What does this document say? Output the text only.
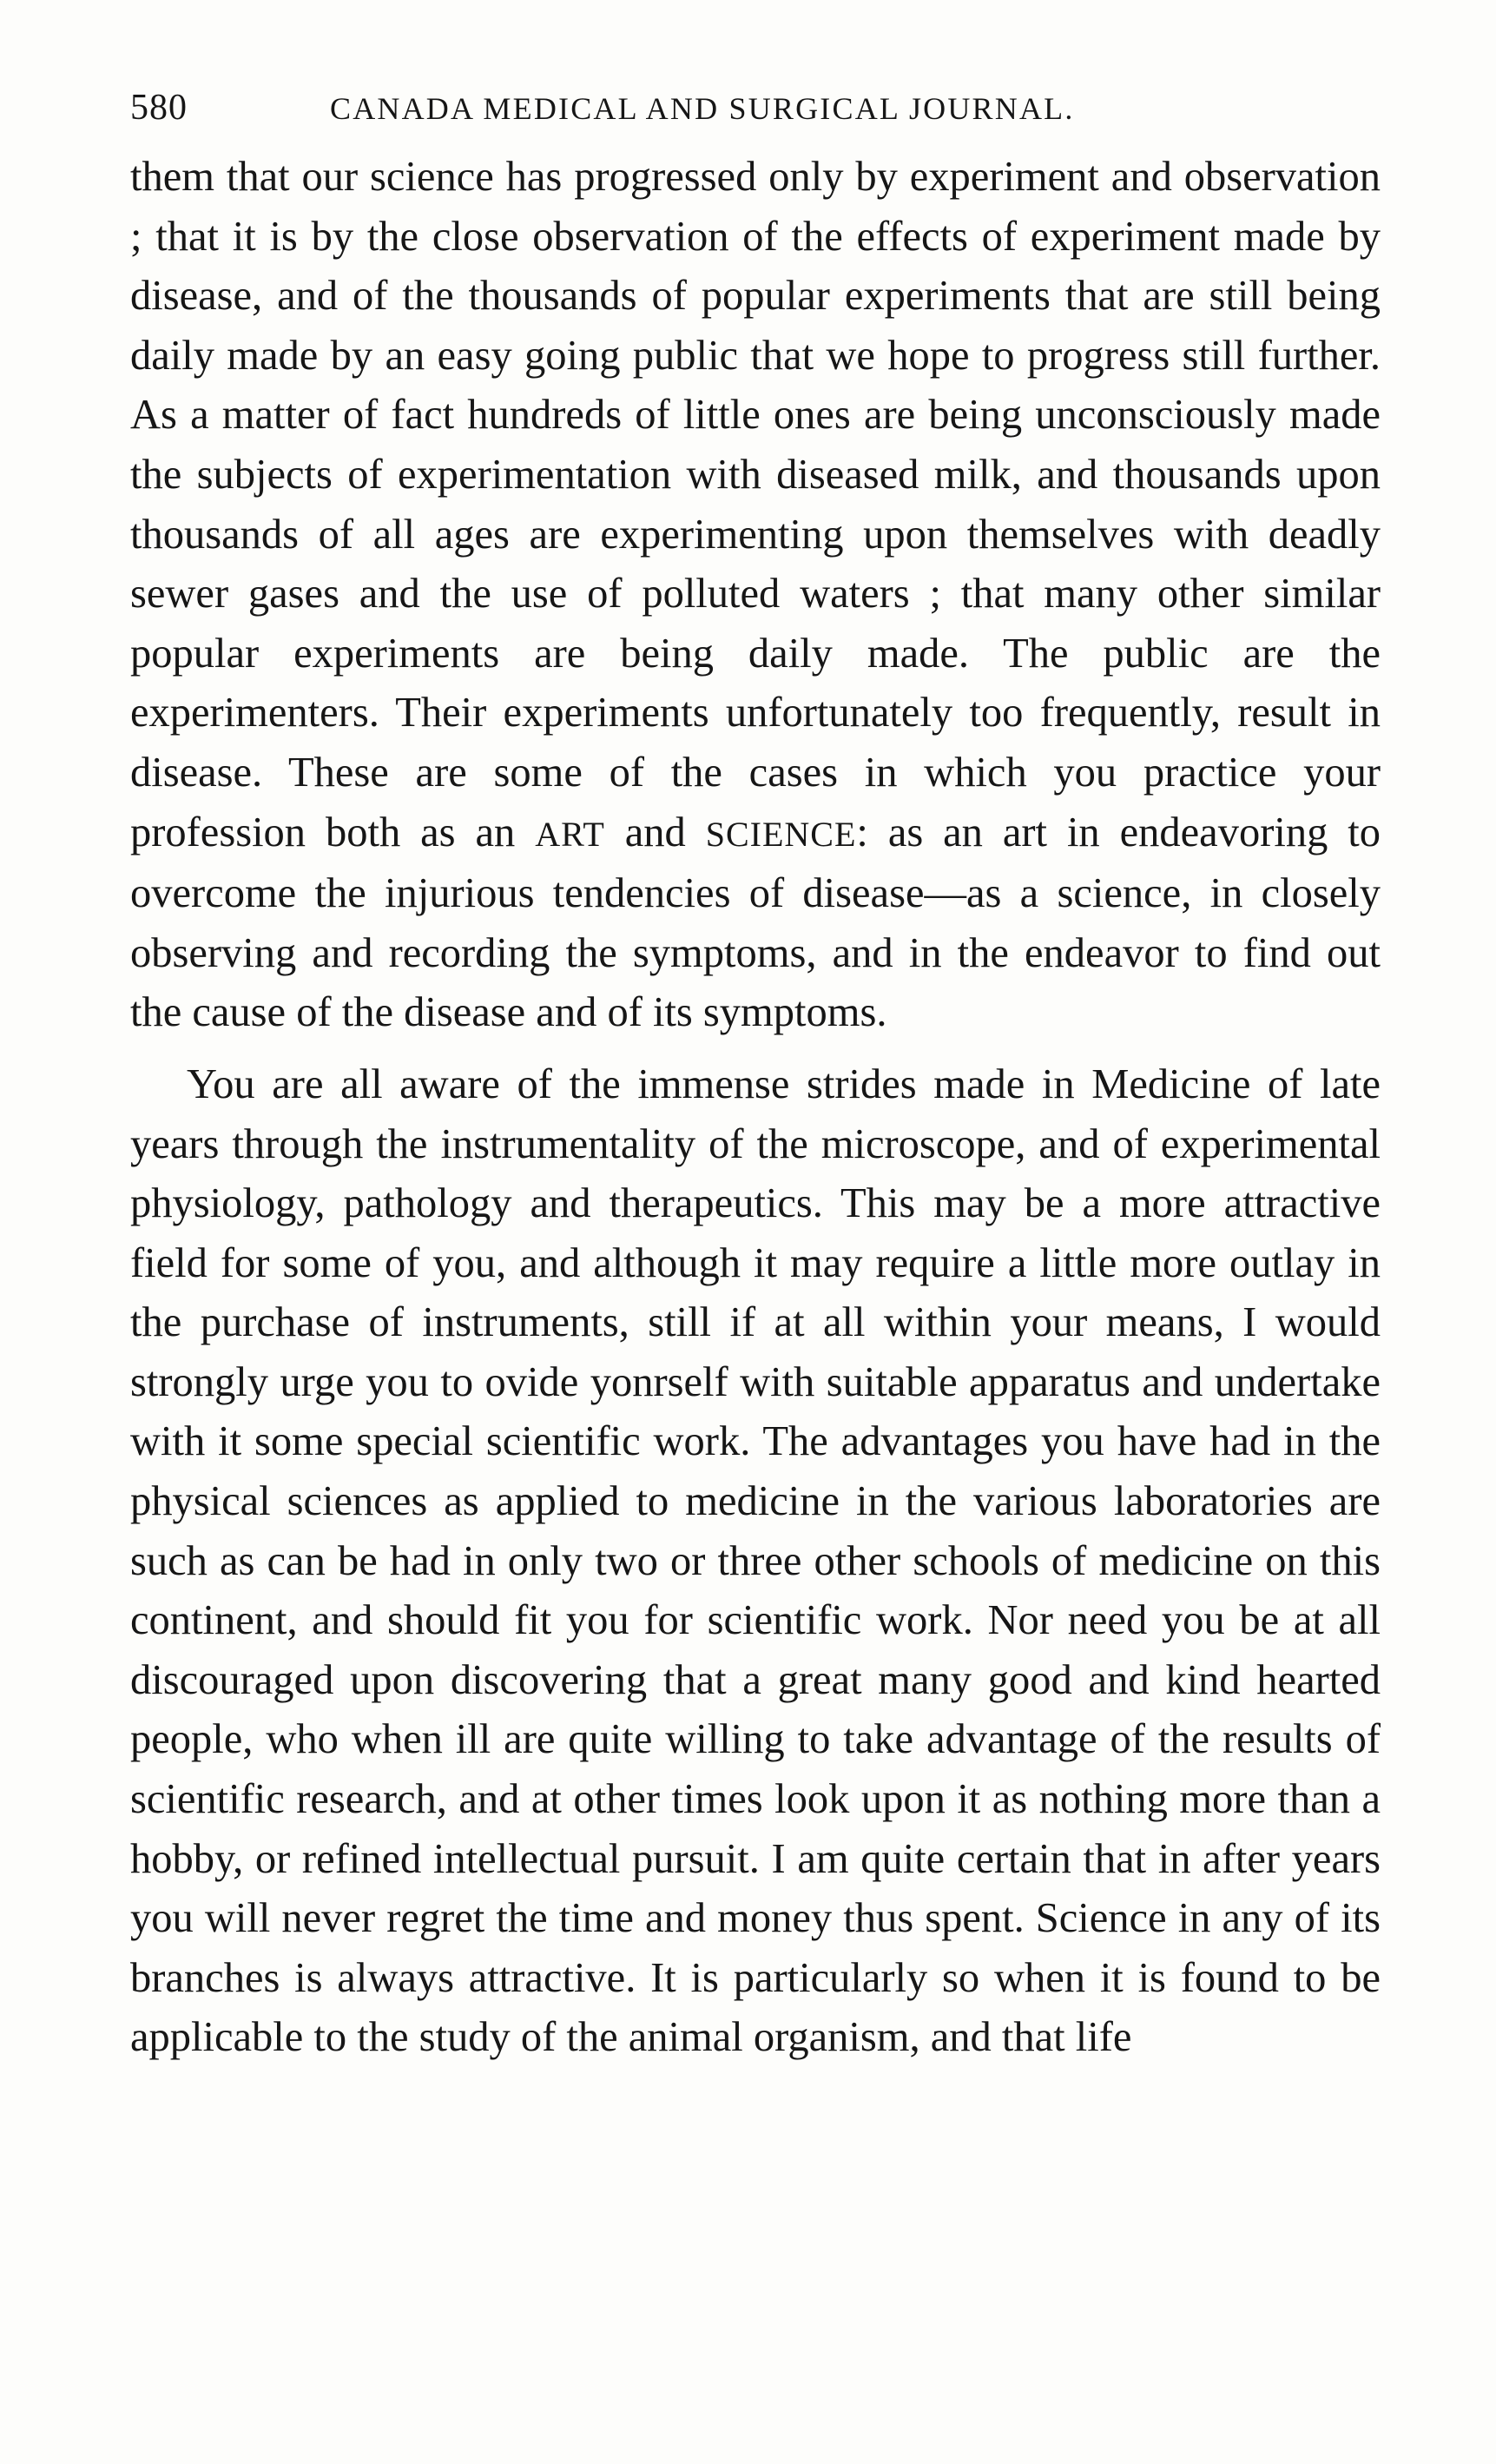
580	CANADA MEDICAL AND SURGICAL JOURNAL.

them that our science has progressed only by experiment and observation ; that it is by the close observation of the effects of experiment made by disease, and of the thousands of popular experiments that are still being daily made by an easy going public that we hope to progress still further. As a matter of fact hundreds of little ones are being unconsciously made the subjects of experimentation with diseased milk, and thousands upon thousands of all ages are experimenting upon themselves with deadly sewer gases and the use of polluted waters ; that many other similar popular experiments are being daily made. The public are the experimenters. Their experiments unfortunately too frequently, result in disease. These are some of the cases in which you practice your profession both as an ART and SCIENCE: as an art in endeavoring to overcome the injurious tendencies of disease—as a science, in closely observing and recording the symptoms, and in the endeavor to find out the cause of the disease and of its symptoms.

You are all aware of the immense strides made in Medicine of late years through the instrumentality of the microscope, and of experimental physiology, pathology and therapeutics. This may be a more attractive field for some of you, and although it may require a little more outlay in the purchase of instruments, still if at all within your means, I would strongly urge you to ovide yonrself with suitable apparatus and undertake with it some special scientific work. The advantages you have had in the physical sciences as applied to medicine in the various laboratories are such as can be had in only two or three other schools of medicine on this continent, and should fit you for scientific work. Nor need you be at all discouraged upon discovering that a great many good and kind hearted people, who when ill are quite willing to take advantage of the results of scientific research, and at other times look upon it as nothing more than a hobby, or refined intellectual pursuit. I am quite certain that in after years you will never regret the time and money thus spent. Science in any of its branches is always attractive. It is particularly so when it is found to be applicable to the study of the animal organism, and that life
